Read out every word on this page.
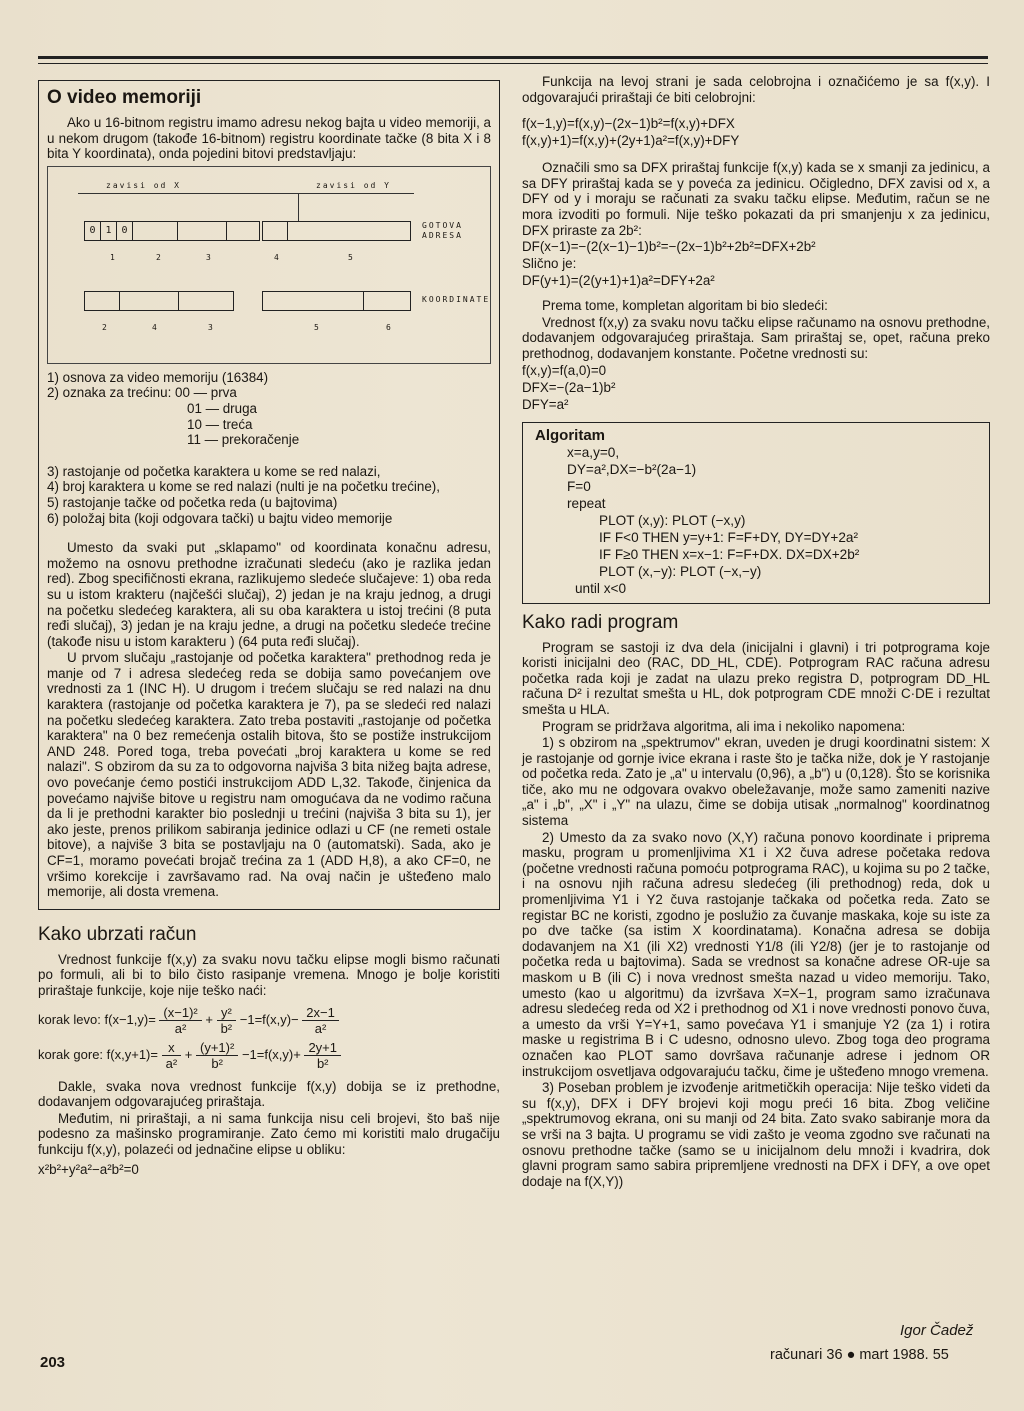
O video memoriji

Ako u 16-bitnom registru imamo adresu nekog bajta u video memoriji, a u nekom drugom (takođe 16-bitnom) registru koordinate tačke (8 bita X i 8 bita Y koordinata), onda pojedini bitovi predstavljaju:

zavisi od X	zavisi od Y
0 1 0	GOTOVA
ADRESA
1	2	3	4	5
KOORDINATE
2	4	3	5	6
1) osnova za video memoriju (16384)
2) oznaka za trećinu: 00 — prva
01 — druga
10 — treća
11 — prekoračenje
3) rastojanje od početka karaktera u kome se red nalazi,
4) broj karaktera u kome se red nalazi (nulti je na početku trećine),
5) rastojanje tačke od početka reda (u bajtovima)
6) položaj bita (koji odgovara tački) u bajtu video memorije

Umesto da svaki put „sklapamo" od koordinata konačnu adresu, možemo na osnovu prethodne izračunati sledeću (ako je razlika jedan red). Zbog specifičnosti ekrana, razlikujemo sledeće slučajeve: 1) oba reda su u istom krakteru (najčešći slučaj), 2) jedan je na kraju jednog, a drugi na početku sledećeg karaktera, ali su oba karaktera u istoj trećini (8 puta ređi slučaj), 3) jedan je na kraju jedne, a drugi na početku sledeće trećine (takođe nisu u istom karakteru ) (64 puta ređi slučaj).

U prvom slučaju „rastojanje od početka karaktera" prethodnog reda je manje od 7 i adresa sledećeg reda se dobija samo povećanjem ove vrednosti za 1 (INC H). U drugom i trećem slučaju se red nalazi na dnu karaktera (rastojanje od početka karaktera je 7), pa se sledeći red nalazi na početku sledećeg karaktera. Zato treba postaviti „rastojanje od početka karaktera" na 0 bez remećenja ostalih bitova, što se postiže instrukcijom AND 248. Pored toga, treba povećati „broj karaktera u kome se red nalazi". S obzirom da su za to odgovorna najviša 3 bita nižeg bajta adrese, ovo povećanje ćemo postići instrukcijom ADD L,32. Takođe, činjenica da povećamo najviše bitove u registru nam omogućava da ne vodimo računa da li je prethodni karakter bio poslednji u trećini (najviša 3 bita su 1), jer ako jeste, prenos prilikom sabiranja jedinice odlazi u CF (ne remeti ostale bitove), a najviše 3 bita se postavljaju na 0 (automatski). Sada, ako je CF=1, moramo povećati brojač trećina za 1 (ADD H,8), a ako CF=0, ne vršimo korekcije i završavamo rad. Na ovaj način je ušteđeno malo memorije, ali dosta vremena.

Kako ubrzati račun

Vrednost funkcije f(x,y) za svaku novu tačku elipse mogli bismo računati po formuli, ali bi to bilo čisto rasipanje vremena. Mnogo je bolje koristiti priraštaje funkcije, koje nije teško naći:

korak levo: $f(x-1,y)= \frac{\text{(x−1)²}}{\text{a²}} + \frac{\text{y²}}{\text{b²}} -1=f(x,y)- \frac{2x-1}{\text{a²}}$
korak gore: $f(x,y+1)= \frac{x}{\text{a²}} + \frac{\text{(y+1)²}}{\text{b²}} -1=f(x,y)+ \frac{2y+1}{\text{b²}}$

Dakle, svaka nova vrednost funkcije f(x,y) dobija se iz prethodne, dodavanjem odgovarajućeg priraštaja.

Međutim, ni priraštaji, a ni sama funkcija nisu celi brojevi, što baš nije podesno za mašinsko programiranje. Zato ćemo mi koristiti malo drugačiju funkciju f(x,y), polazeći od jednačine elipse u obliku:

x²b²+y²a²−a²b²=0

203

Funkcija na levoj strani je sada celobrojna i označićemo je sa f(x,y). I odgovarajući priraštaji će biti celobrojni:

f(x−1,y)=f(x,y)−(2x−1)b²=f(x,y)+DFX

f(x,y)+1)=f(x,y)+(2y+1)a²=f(x,y)+DFY

Označili smo sa DFX priraštaj funkcije f(x,y) kada se x smanji za jedinicu, a sa DFY priraštaj kada se y poveća za jedinicu. Očigledno, DFX zavisi od x, a DFY od y i moraju se računati za svaku tačku elipse. Međutim, račun se ne mora izvoditi po formuli. Nije teško pokazati da pri smanjenju x za jedinicu, DFX priraste za 2b²:

DF(x−1)=−(2(x−1)−1)b²=−(2x−1)b²+2b²=DFX+2b²

Slično je:

DF(y+1)=(2(y+1)+1)a²=DFY+2a²

Prema tome, kompletan algoritam bi bio sledeći:

Vrednost f(x,y) za svaku novu tačku elipse računamo na osnovu prethodne, dodavanjem odgovarajućeg priraštaja. Sam priraštaj se, opet, računa preko prethodnog, dodavanjem konstante. Početne vrednosti su:

f(x,y)=f(a,0)=0

DFX=−(2a−1)b²

DFY=a²

Algoritam
x=a,y=0,
DY=a²,DX=−b²(2a−1)
F=0
repeat
PLOT (x,y): PLOT (−x,y)
IF F<0 THEN y=y+1: F=F+DY, DY=DY+2a²
IF F≥0 THEN x=x−1: F=F+DX. DX=DX+2b²
PLOT (x,−y): PLOT (−x,−y)
until x<0
Kako radi program

Program se sastoji iz dva dela (inicijalni i glavni) i tri potprograma koje koristi inicijalni deo (RAC, DD_HL, CDE). Potprogram RAC računa adresu početka rada koji je zadat na ulazu preko registra D, potprogram DD_HL računa D² i rezultat smešta u HL, dok potprogram CDE množi C·DE i rezultat smešta u HLA.

Program se pridržava algoritma, ali ima i nekoliko napomena:

1) s obzirom na „spektrumov" ekran, uveden je drugi koordinatni sistem: X je rastojanje od gornje ivice ekrana i raste što je tačka niže, dok je Y rastojanje od početka reda. Zato je „a" u intervalu (0,96), a „b") u (0,128). Što se korisnika tiče, ako mu ne odgovara ovakvo obeležavanje, može samo zameniti nazive „a" i „b", „X" i „Y" na ulazu, čime se dobija utisak „normalnog" koordinatnog sistema

2) Umesto da za svako novo (X,Y) računa ponovo koordinate i pripremа masku, program u promenljivima X1 i X2 čuva adrese početaka redova (početne vrednosti računa pomoću potprograma RAC), u kojima su po 2 tačke, i na osnovu njih računa adresu sledećeg (ili prethodnog) reda, dok u promenljivima Y1 i Y2 čuva rastojanje tačkaka od početka reda. Zato se registar BC ne koristi, zgodno je poslužio za čuvanje maskaka, koje su iste za po dve tačke (sa istim X koordinatama). Konačna adresa se dobija dodavanjem na X1 (ili X2) vrednosti Y1/8 (ili Y2/8) (jer je to rastojanje od početka reda u bajtovima). Sada se vrednost sa konačne adrese OR-uje sa maskom u B (ili C) i nova vrednost smešta nazad u video memoriju. Tako, umesto (kao u algoritmu) da izvršava X=X−1, program samo izračunava adresu sledećeg reda od X2 i prethodnog od X1 i nove vrednosti ponovo čuva, a umesto da vrši Y=Y+1, samo povećava Y1 i smanjuje Y2 (za 1) i rotira maske u registrima B i C udesno, odnosno ulevo. Zbog toga deo programa označen kao PLOT samo dovršava računanje adrese i jednom OR instrukcijom osvetljava odgovarajuću tačku, čime je ušteđeno mnogo vremena.

3) Poseban problem je izvođenje aritmetičkih operacija: Nije teško videti da su f(x,y), DFX i DFY brojevi koji mogu preći 16 bita. Zbog veličine „spektrumovog ekrana, oni su manji od 24 bita. Zato svako sabiranje mora da se vrši na 3 bajta. U programu se vidi zašto je veoma zgodno sve računati na osnovu prethodne tačke (samo se u inicijalnom delu množi i kvadrira, dok glavni program samo sabira pripremljene vrednosti na DFX i DFY, a ove opet dodaje na f(X,Y))

Igor Čadež
računari 36 ● mart 1988. 55
